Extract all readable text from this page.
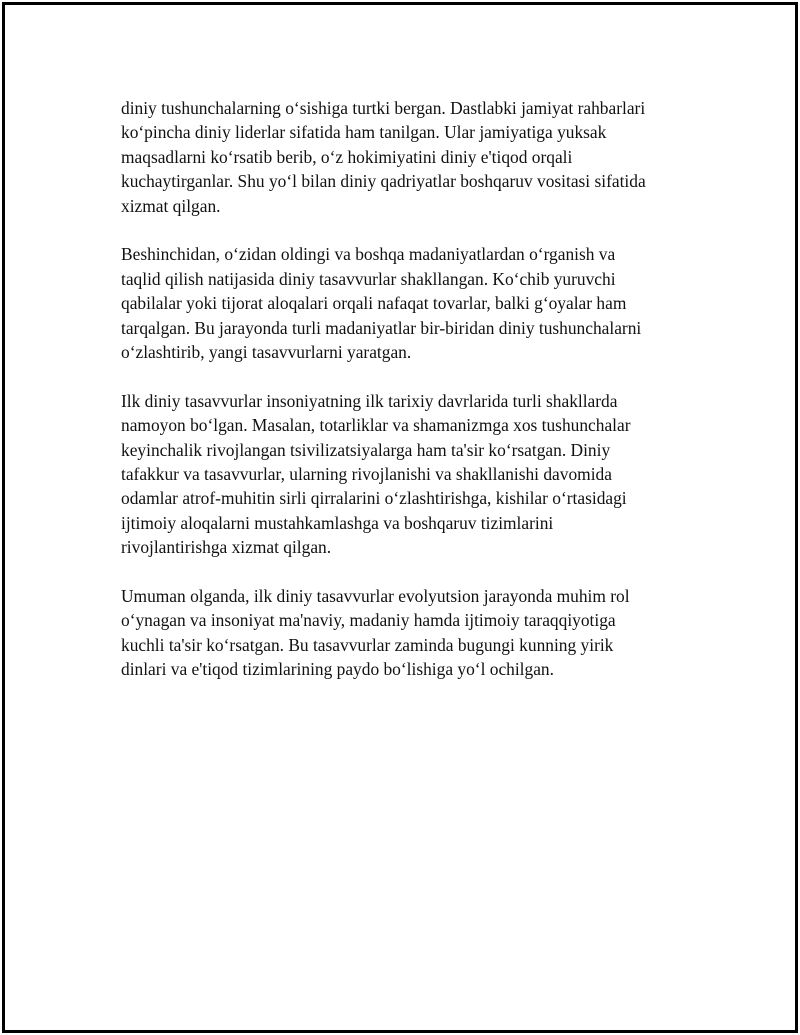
diniy tushunchalarning o‘sishiga turtki bergan. Dastlabki jamiyat rahbarlari
ko‘pincha diniy liderlar sifatida ham tanilgan. Ular jamiyatiga yuksak
maqsadlarni ko‘rsatib berib, o‘z hokimiyatini diniy e'tiqod orqali
kuchaytirganlar. Shu yo‘l bilan diniy qadriyatlar boshqaruv vositasi sifatida
xizmat qilgan.

Beshinchidan, o‘zidan oldingi va boshqa madaniyatlardan o‘rganish va
taqlid qilish natijasida diniy tasavvurlar shakllangan. Ko‘chib yuruvchi
qabilalar yoki tijorat aloqalari orqali nafaqat tovarlar, balki g‘oyalar ham
tarqalgan. Bu jarayonda turli madaniyatlar bir-biridan diniy tushunchalarni
o‘zlashtirib, yangi tasavvurlarni yaratgan.

Ilk diniy tasavvurlar insoniyatning ilk tarixiy davrlarida turli shakllarda
namoyon bo‘lgan. Masalan, totarliklar va shamanizmga xos tushunchalar
keyinchalik rivojlangan tsivilizatsiyalarga ham ta'sir ko‘rsatgan. Diniy
tafakkur va tasavvurlar, ularning rivojlanishi va shakllanishi davomida
odamlar atrof-muhitin sirli qirralarini o‘zlashtirishga, kishilar o‘rtasidagi
ijtimoiy aloqalarni mustahkamlashga va boshqaruv tizimlarini
rivojlantirishga xizmat qilgan.

Umuman olganda, ilk diniy tasavvurlar evolyutsion jarayonda muhim rol
o‘ynagan va insoniyat ma'naviy, madaniy hamda ijtimoiy taraqqiyotiga
kuchli ta'sir ko‘rsatgan. Bu tasavvurlar zaminda bugungi kunning yirik
dinlari va e'tiqod tizimlarining paydo bo‘lishiga yo‘l ochilgan.
